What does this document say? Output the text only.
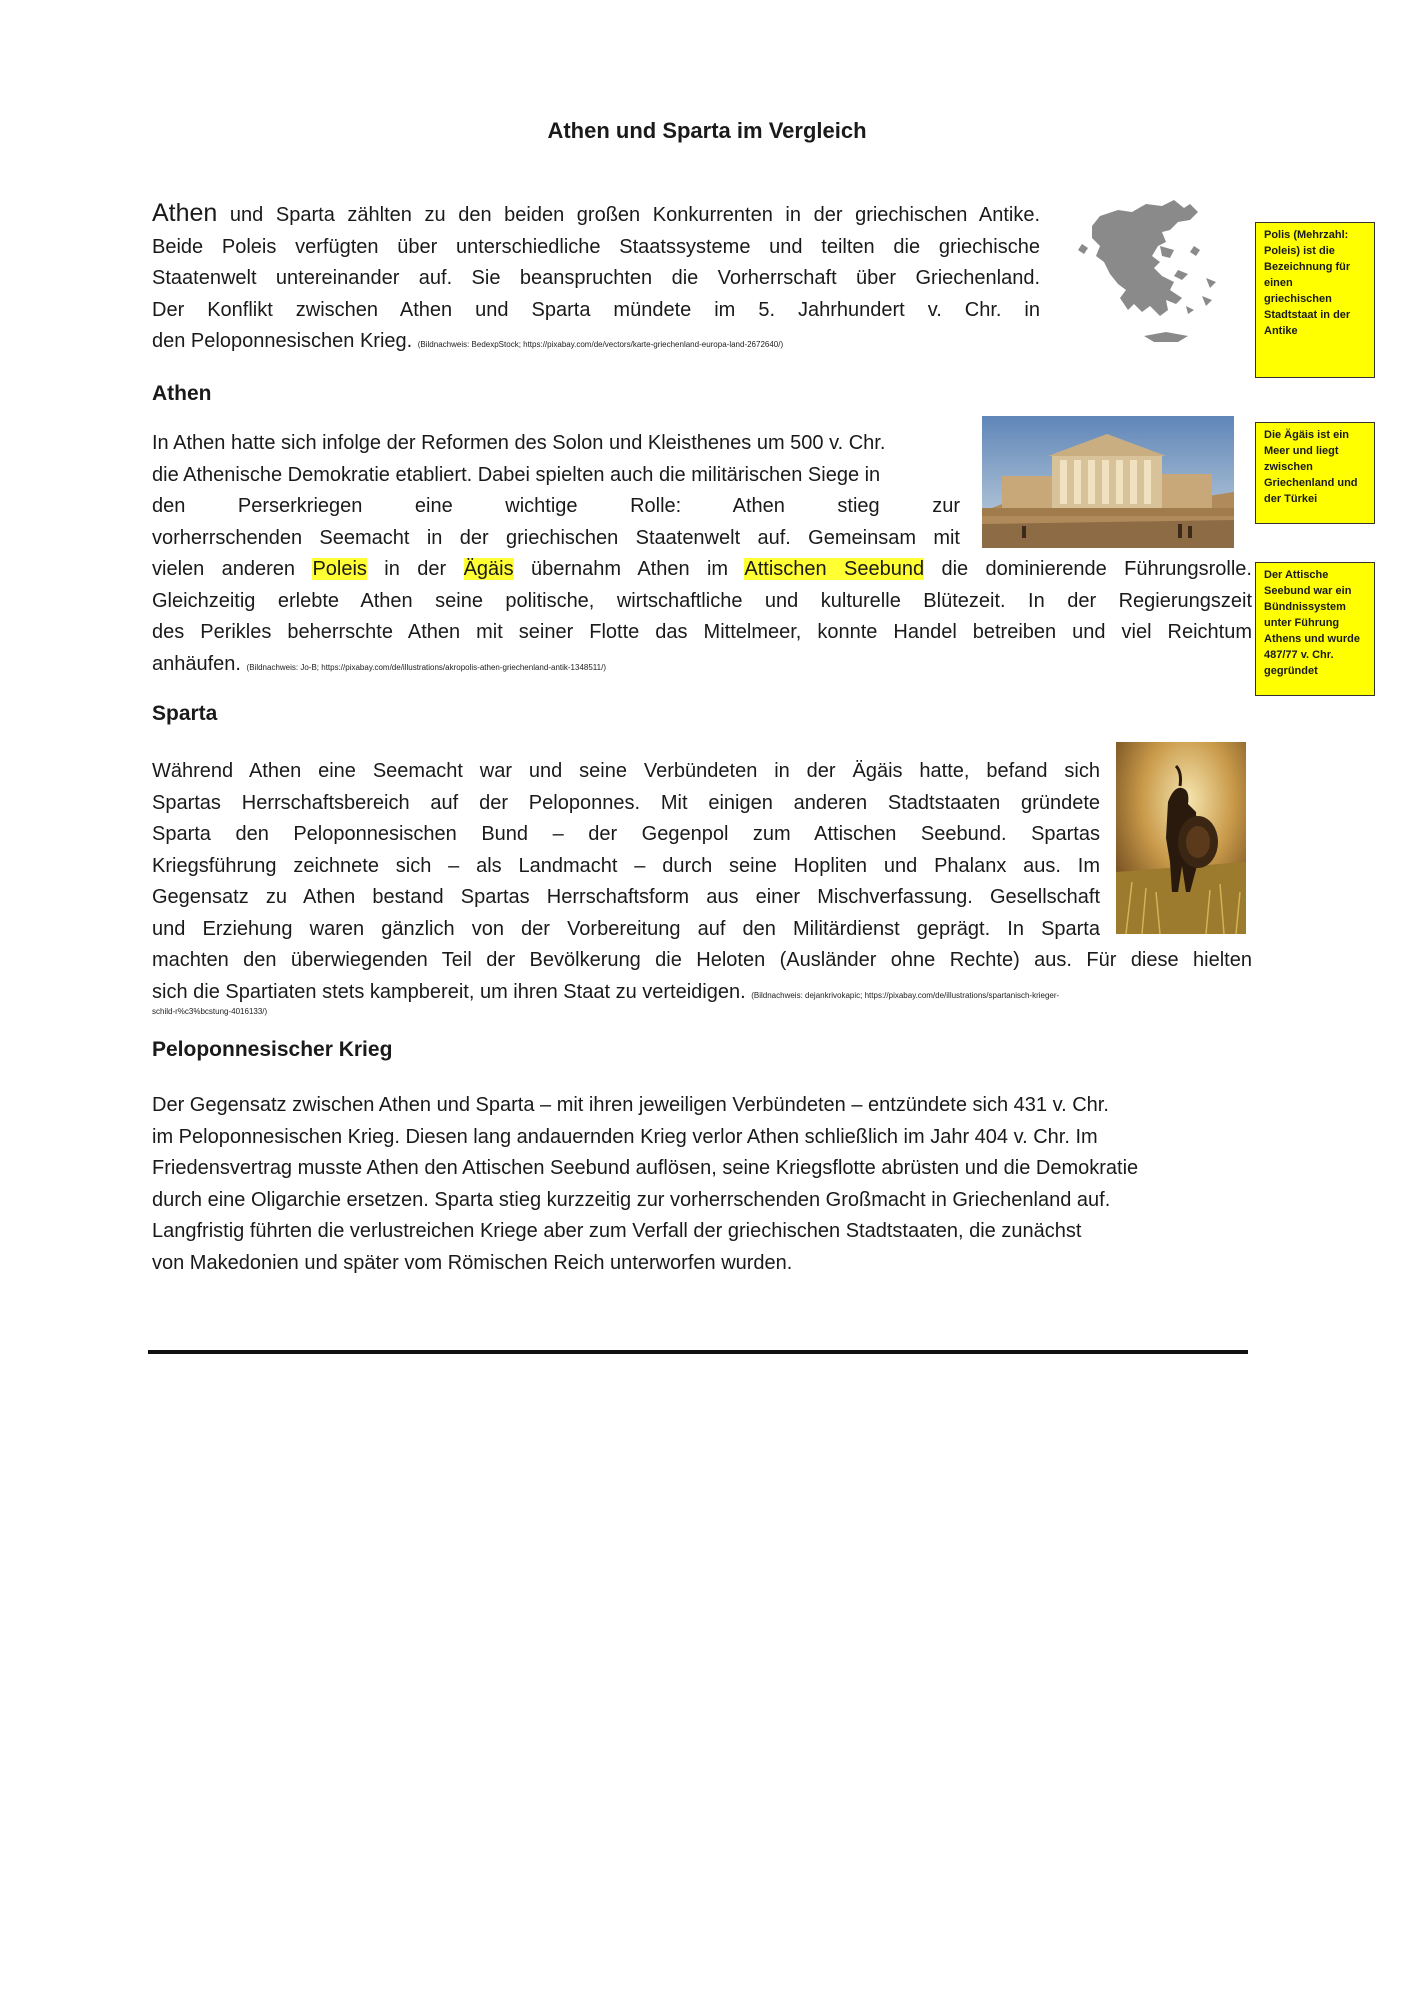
Athen und Sparta im Vergleich
Athen und Sparta zählten zu den beiden großen Konkurrenten in der griechischen Antike.
Beide Poleis verfügten über unterschiedliche Staatssysteme und teilten die griechische
Staatenwelt untereinander auf. Sie beanspruchten die Vorherrschaft über Griechenland.
Der Konflikt zwischen Athen und Sparta mündete im 5. Jahrhundert v. Chr. in
den Peloponnesischen Krieg. (Bildnachweis: BedexpStock; https://pixabay.com/de/vectors/karte-griechenland-europa-land-2672640/)
Polis (Mehrzahl:
Poleis) ist die
Bezeichnung für
einen
griechischen
Stadtstaat in der
Antike
Athen
Die Ägäis ist ein
Meer und liegt
zwischen
Griechenland und
der Türkei
In Athen hatte sich infolge der Reformen des Solon und Kleisthenes um 500 v. Chr.
die Athenische Demokratie etabliert. Dabei spielten auch die militärischen Siege in
den Perserkriegen eine wichtige Rolle: Athen stieg zur
vorherrschenden Seemacht in der griechischen Staatenwelt auf. Gemeinsam mit
vielen anderen Poleis in der Ägäis übernahm Athen im Attischen Seebund die dominierende Führungsrolle.
Gleichzeitig erlebte Athen seine politische, wirtschaftliche und kulturelle Blütezeit. In der Regierungszeit
des Perikles beherrschte Athen mit seiner Flotte das Mittelmeer, konnte Handel betreiben und viel Reichtum
anhäufen. (Bildnachweis: Jo-B; https://pixabay.com/de/illustrations/akropolis-athen-griechenland-antik-1348511/)
Der Attische
Seebund war ein
Bündnissystem
unter Führung
Athens und wurde
487/77 v. Chr.
gegründet
Sparta
Während Athen eine Seemacht war und seine Verbündeten in der Ägäis hatte, befand sich
Spartas Herrschaftsbereich auf der Peloponnes. Mit einigen anderen Stadtstaaten gründete
Sparta den Peloponnesischen Bund – der Gegenpol zum Attischen Seebund. Spartas
Kriegsführung zeichnete sich – als Landmacht – durch seine Hopliten und Phalanx aus. Im
Gegensatz zu Athen bestand Spartas Herrschaftsform aus einer Mischverfassung. Gesellschaft
und Erziehung waren gänzlich von der Vorbereitung auf den Militärdienst geprägt. In Sparta
machten den überwiegenden Teil der Bevölkerung die Heloten (Ausländer ohne Rechte) aus. Für diese hielten
sich die Spartiaten stets kampbereit, um ihren Staat zu verteidigen. (Bildnachweis: dejankrivokapic; https://pixabay.com/de/illustrations/spartanisch-krieger-
schild-r%c3%bcstung-4016133/)
Peloponnesischer Krieg
Der Gegensatz zwischen Athen und Sparta – mit ihren jeweiligen Verbündeten – entzündete sich 431 v. Chr.
im Peloponnesischen Krieg. Diesen lang andauernden Krieg verlor Athen schließlich im Jahr 404 v. Chr. Im
Friedensvertrag musste Athen den Attischen Seebund auflösen, seine Kriegsflotte abrüsten und die Demokratie
durch eine Oligarchie ersetzen. Sparta stieg kurzzeitig zur vorherrschenden Großmacht in Griechenland auf.
Langfristig führten die verlustreichen Kriege aber zum Verfall der griechischen Stadtstaaten, die zunächst
von Makedonien und später vom Römischen Reich unterworfen wurden.
